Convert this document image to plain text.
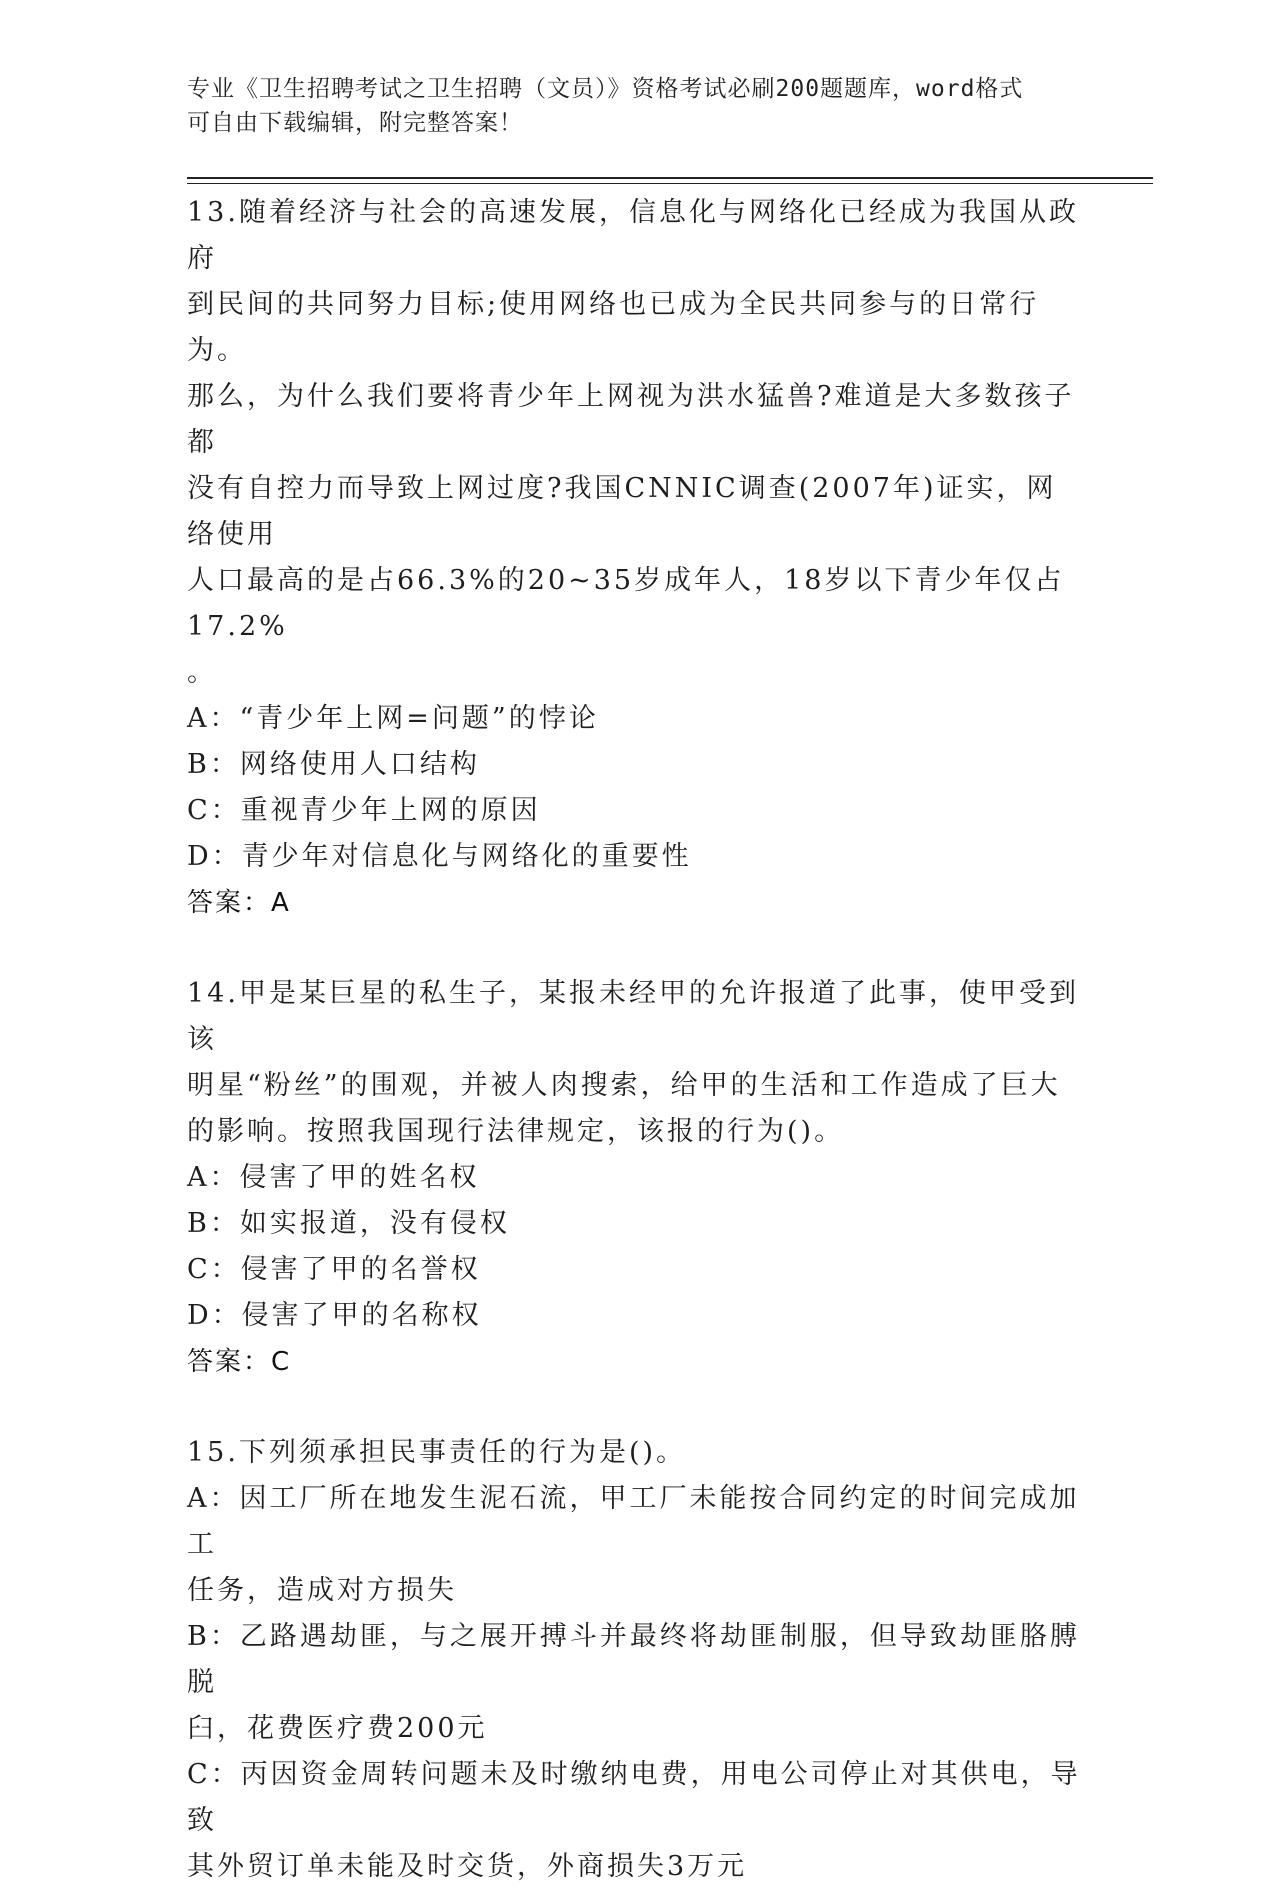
专业《卫生招聘考试之卫生招聘（文员）》资格考试必刷200题题库，word格式
可自由下载编辑，附完整答案！

13.随着经济与社会的高速发展，信息化与网络化已经成为我国从政府
到民间的共同努力目标;使用网络也已成为全民共同参与的日常行为。
那么，为什么我们要将青少年上网视为洪水猛兽?难道是大多数孩子都
没有自控力而导致上网过度?我国CNNIC调查(2007年)证实，网络使用
人口最高的是占66.3%的20~35岁成年人，18岁以下青少年仅占17.2%
。

A：“青少年上网=问题”的悖论

B：网络使用人口结构

C：重视青少年上网的原因

D：青少年对信息化与网络化的重要性

答案：A

14.甲是某巨星的私生子，某报未经甲的允许报道了此事，使甲受到该
明星“粉丝”的围观，并被人肉搜索，给甲的生活和工作造成了巨大
的影响。按照我国现行法律规定，该报的行为()。

A：侵害了甲的姓名权

B：如实报道，没有侵权

C：侵害了甲的名誉权

D：侵害了甲的名称权

答案：C

15.下列须承担民事责任的行为是()。

A：因工厂所在地发生泥石流，甲工厂未能按合同约定的时间完成加工

任务，造成对方损失

B：乙路遇劫匪，与之展开搏斗并最终将劫匪制服，但导致劫匪胳膊脱

臼，花费医疗费200元

C：丙因资金周转问题未及时缴纳电费，用电公司停止对其供电，导致

其外贸订单未能及时交货，外商损失3万元
